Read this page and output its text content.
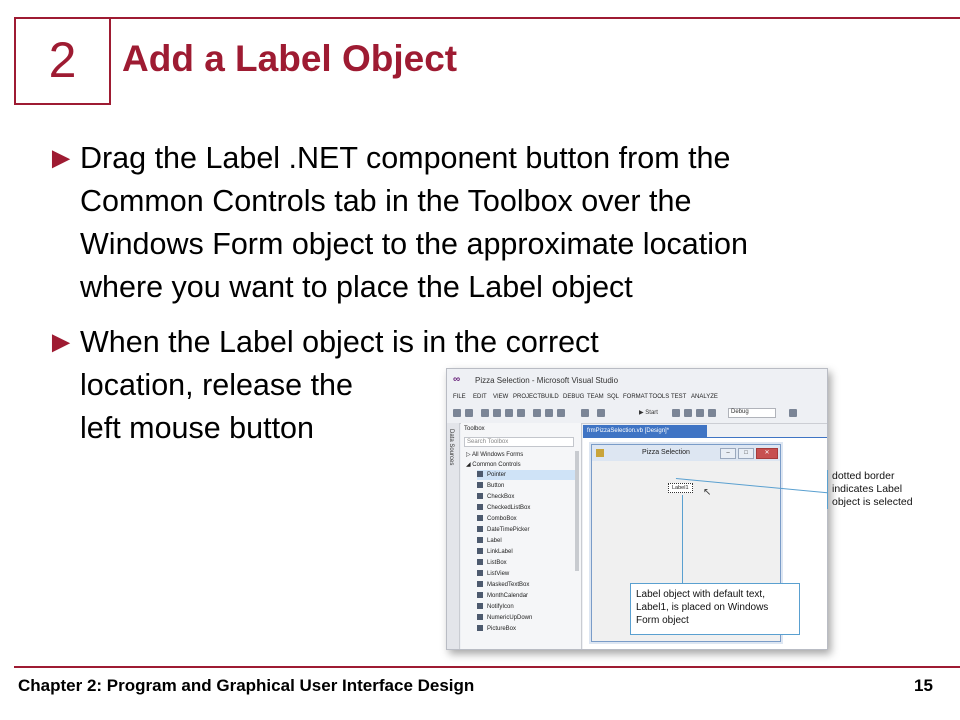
2 Add a Label Object
► Drag the Label .NET component button from the
Common Controls tab in the Toolbox over the
Windows Form object to the approximate location
where you want to place the Label object
► When the Label object is in the correct
location, release the
left mouse button
∞	Pizza Selection - Microsoft Visual Studio
FILE EDIT VIEW PROJECT BUILD DEBUG TEAM SQL FORMAT TOOLS TEST ANALYZE
▶ Start	Debug
Data Sources Toolbox
Search Toolbox
▷ All Windows Forms
◢ Common Controls
Pointer
Button
CheckBox
CheckedListBox
ComboBox
DateTimePicker
Label
LinkLabel
ListBox
ListView
MaskedTextBox
MonthCalendar
NotifyIcon
NumericUpDown
PictureBox
frmPizzaSelection.vb [Design]*
Pizza Selection	–	□	✕
Label1	↖
Label object with default text, Label1, is placed on Windows Form object
dotted border indicates Label object is selected
Chapter 2: Program and Graphical User Interface Design	15
